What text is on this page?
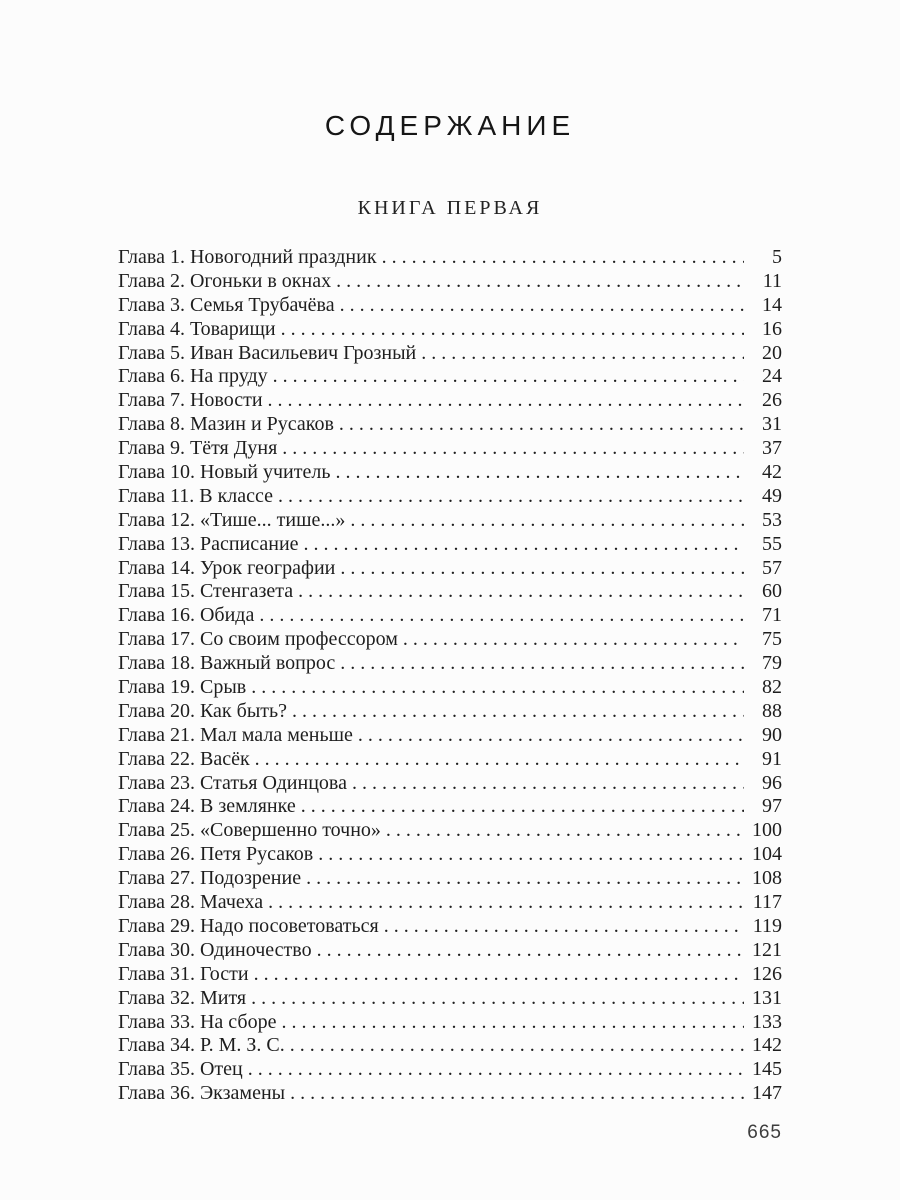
СОДЕРЖАНИЕ
КНИГА ПЕРВАЯ
Глава 1. Новогодний праздник .....	5
Глава 2. Огоньки в окнах .....	11
Глава 3. Семья Трубачёва .....	14
Глава 4. Товарищи .....	16
Глава 5. Иван Васильевич Грозный .....	20
Глава 6. На пруду .....	24
Глава 7. Новости .....	26
Глава 8. Мазин и Русаков .....	31
Глава 9. Тётя Дуня .....	37
Глава 10. Новый учитель .....	42
Глава 11. В классе .....	49
Глава 12. «Тише... тише...» .....	53
Глава 13. Расписание .....	55
Глава 14. Урок географии .....	57
Глава 15. Стенгазета .....	60
Глава 16. Обида .....	71
Глава 17. Со своим профессором .....	75
Глава 18. Важный вопрос .....	79
Глава 19. Срыв .....	82
Глава 20. Как быть? .....	88
Глава 21. Мал мала меньше .....	90
Глава 22. Васёк .....	91
Глава 23. Статья Одинцова .....	96
Глава 24. В землянке .....	97
Глава 25. «Совершенно точно» .....	100
Глава 26. Петя Русаков .....	104
Глава 27. Подозрение .....	108
Глава 28. Мачеха .....	117
Глава 29. Надо посоветоваться .....	119
Глава 30. Одиночество .....	121
Глава 31. Гости .....	126
Глава 32. Митя .....	131
Глава 33. На сборе .....	133
Глава 34. Р. М. З. С. .....	142
Глава 35. Отец .....	145
Глава 36. Экзамены .....	147
665
